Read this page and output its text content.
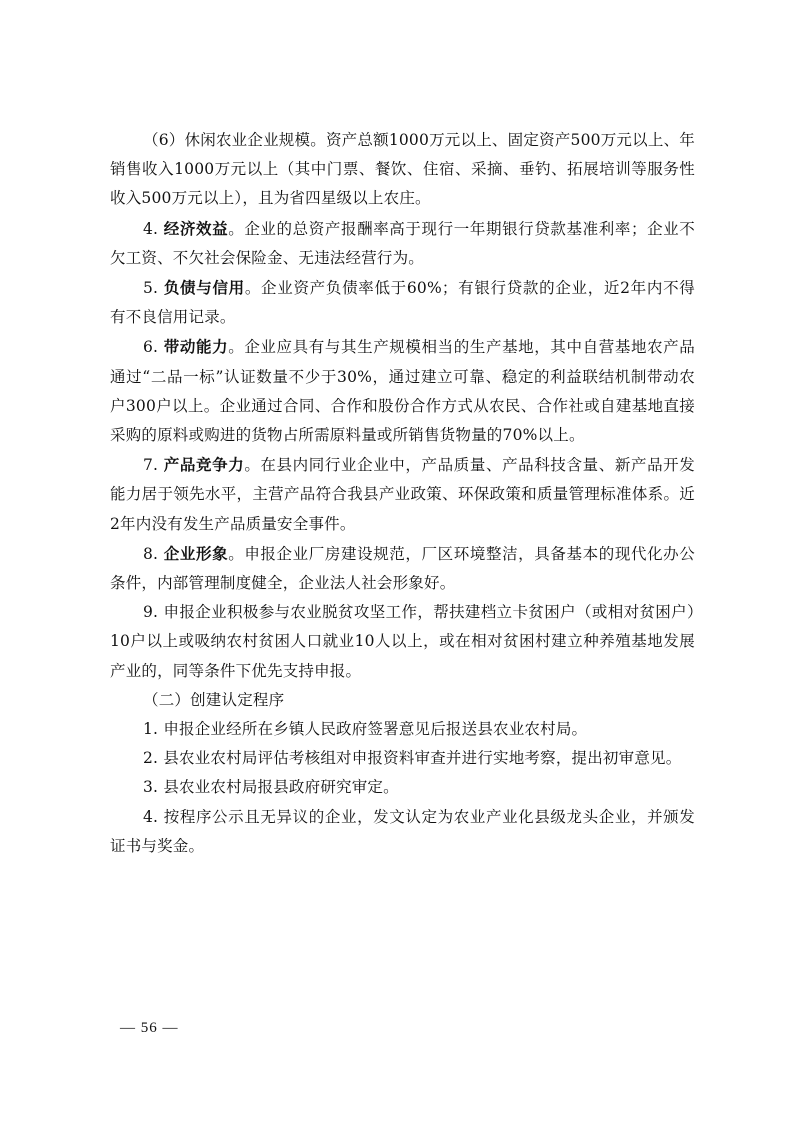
（6）休闲农业企业规模。资产总额1000万元以上、固定资产500万元以上、年销售收入1000万元以上（其中门票、餐饮、住宿、采摘、垂钓、拓展培训等服务性收入500万元以上），且为省四星级以上农庄。

4. 经济效益。企业的总资产报酬率高于现行一年期银行贷款基准利率；企业不欠工资、不欠社会保险金、无违法经营行为。

5. 负债与信用。企业资产负债率低于60%；有银行贷款的企业，近2年内不得有不良信用记录。

6. 带动能力。企业应具有与其生产规模相当的生产基地，其中自营基地农产品通过“二品一标”认证数量不少于30%，通过建立可靠、稳定的利益联结机制带动农户300户以上。企业通过合同、合作和股份合作方式从农民、合作社或自建基地直接采购的原料或购进的货物占所需原料量或所销售货物量的70%以上。

7. 产品竞争力。在县内同行业企业中，产品质量、产品科技含量、新产品开发能力居于领先水平，主营产品符合我县产业政策、环保政策和质量管理标准体系。近2年内没有发生产品质量安全事件。

8. 企业形象。申报企业厂房建设规范，厂区环境整洁，具备基本的现代化办公条件，内部管理制度健全，企业法人社会形象好。

9. 申报企业积极参与农业脱贫攻坚工作，帮扶建档立卡贫困户（或相对贫困户）10户以上或吸纳农村贫困人口就业10人以上，或在相对贫困村建立种养殖基地发展产业的，同等条件下优先支持申报。

（二）创建认定程序

1. 申报企业经所在乡镇人民政府签署意见后报送县农业农村局。

2. 县农业农村局评估考核组对申报资料审查并进行实地考察，提出初审意见。

3. 县农业农村局报县政府研究审定。

4. 按程序公示且无异议的企业，发文认定为农业产业化县级龙头企业，并颁发证书与奖金。

— 56 —
